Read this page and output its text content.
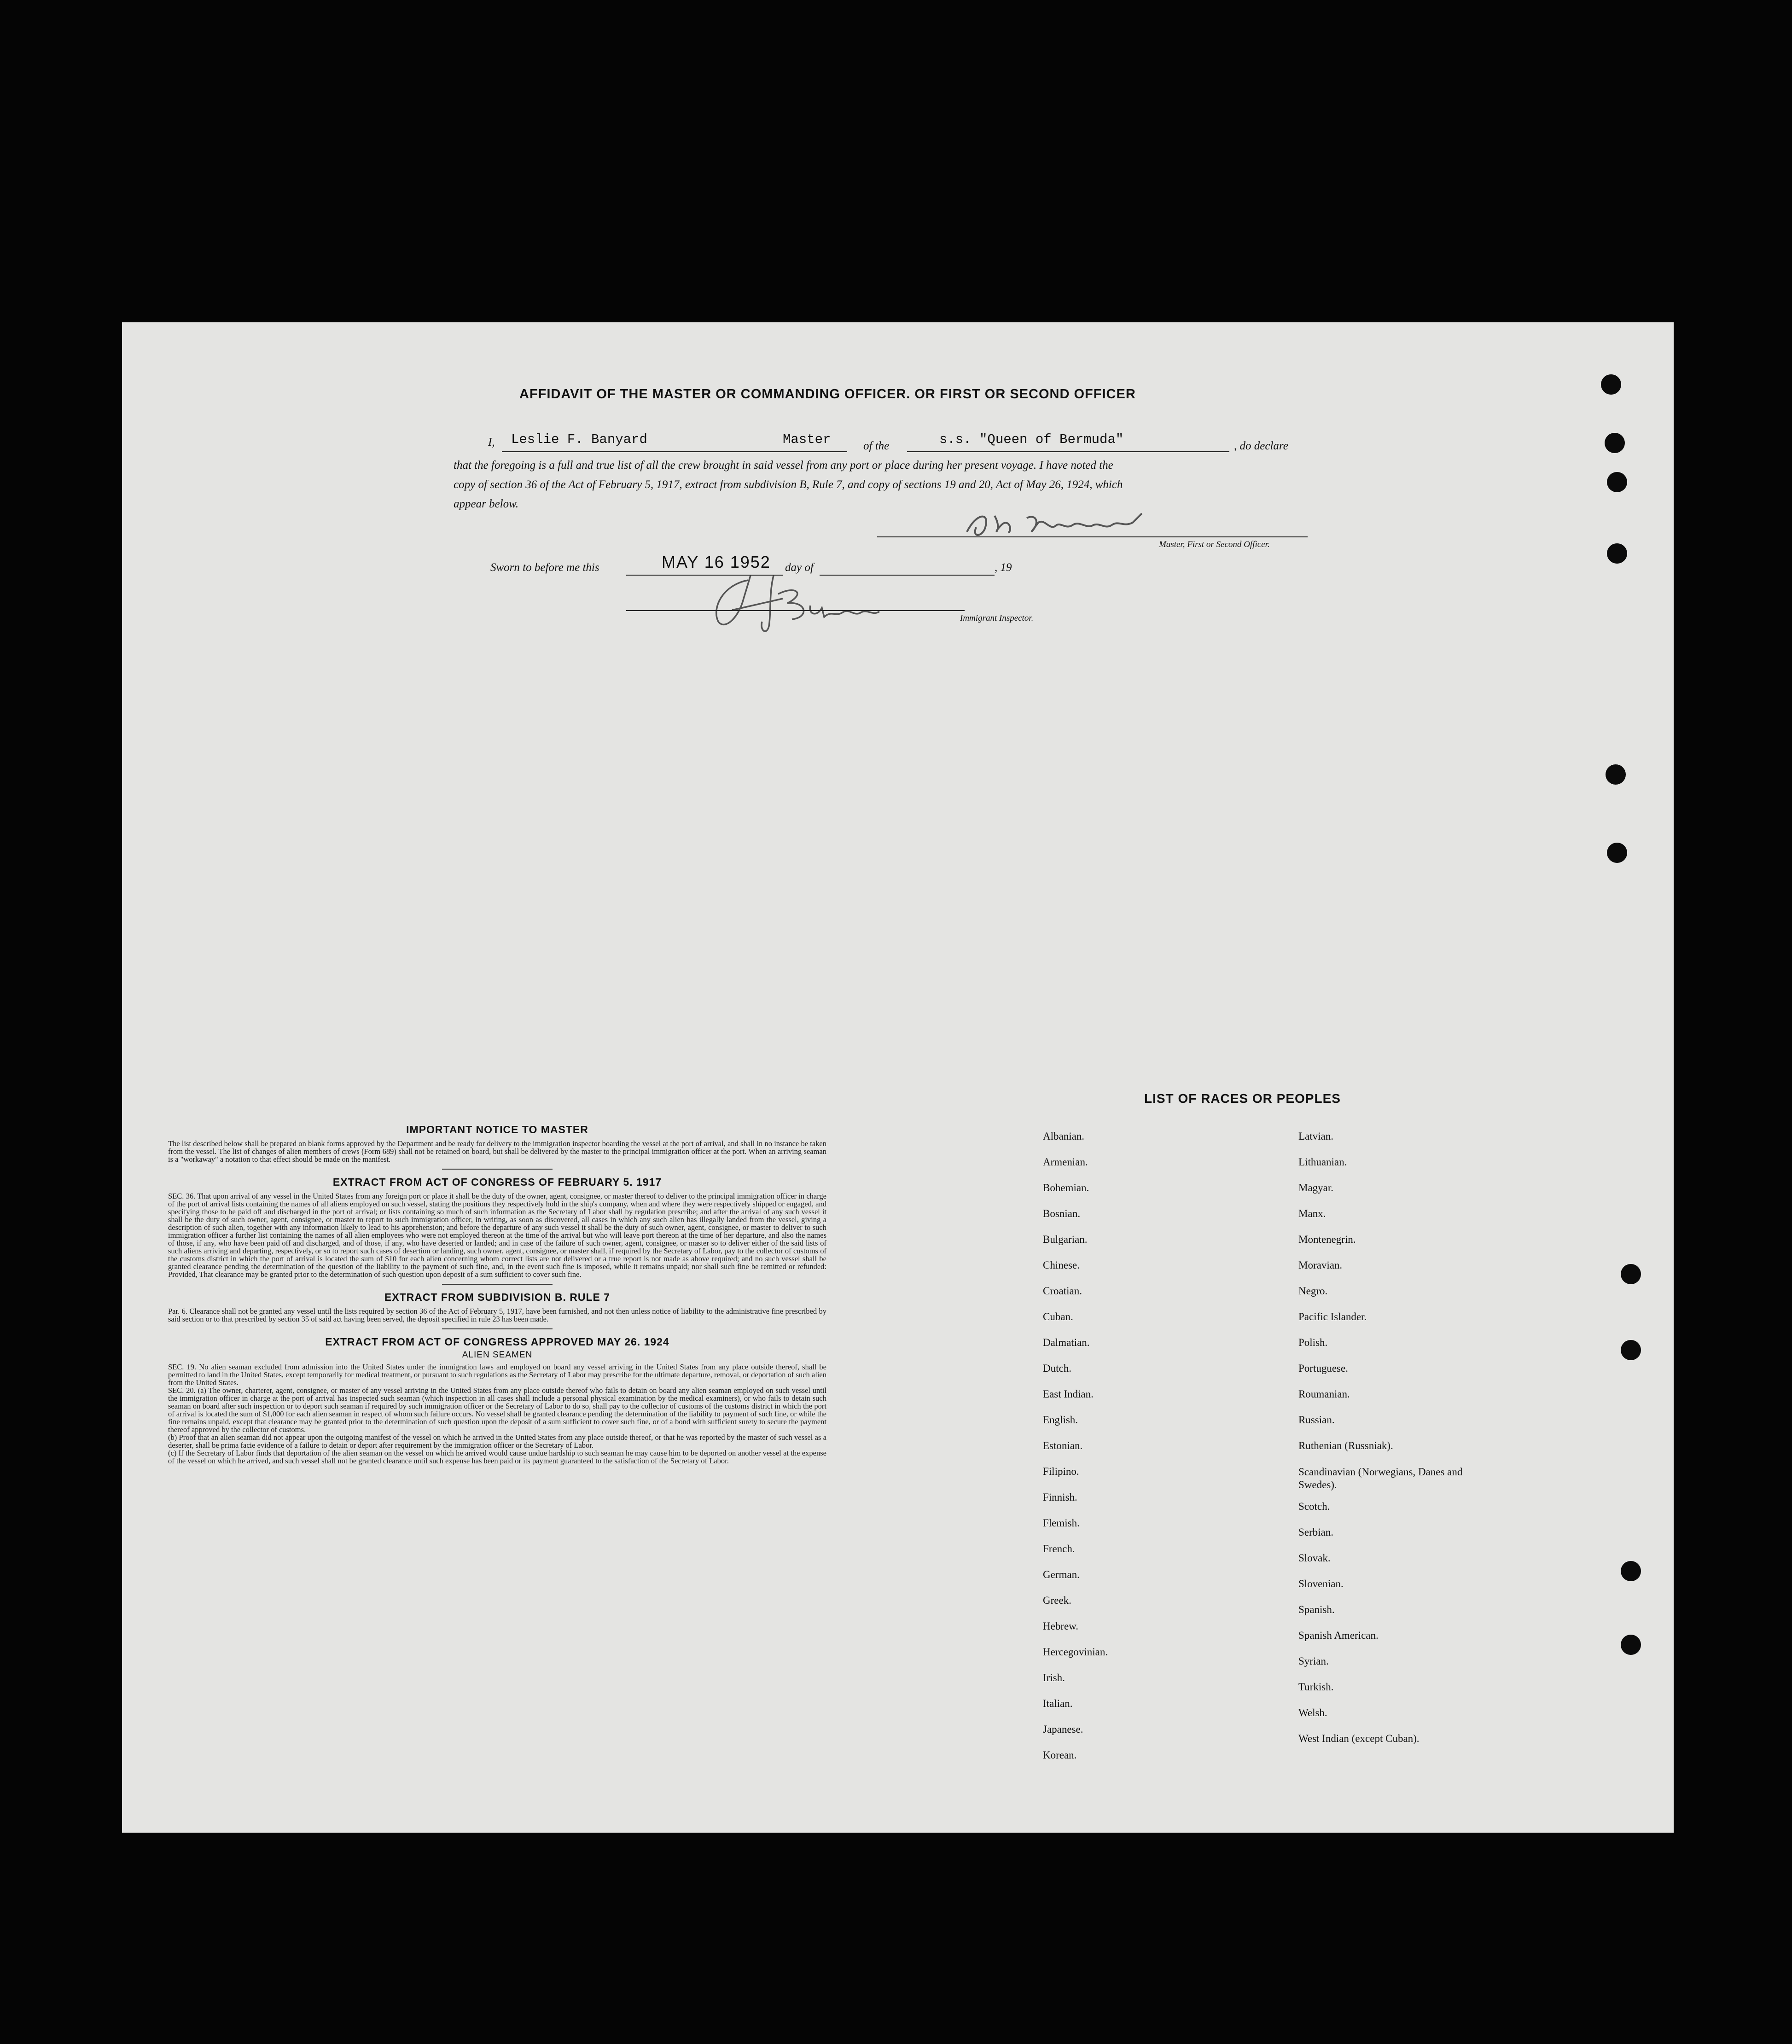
AFFIDAVIT OF THE MASTER OR COMMANDING OFFICER. OR FIRST OR SECOND OFFICER
I, Leslie F. Banyard	Master	of the	s.s. "Queen of Bermuda"	, do declare
that the foregoing is a full and true list of all the crew brought in said vessel from any port or place during her present voyage. I have noted the
copy of section 36 of the Act of February 5, 1917, extract from subdivision B, Rule 7, and copy of sections 19 and 20, Act of May 26, 1924, which
appear below.
Master, First or Second Officer.
Sworn to before me this	MAY 16 1952 day of	, 19
Immigrant Inspector.
IMPORTANT NOTICE TO MASTER
The list described below shall be prepared on blank forms approved by the Department and be ready for delivery to the immigration inspector boarding the vessel at the port of arrival, and shall in no instance be taken from the vessel. The list of changes of alien members of crews (Form 689) shall not be retained on board, but shall be delivered by the master to the principal immigration officer at the port. When an arriving seaman is a "workaway" a notation to that effect should be made on the manifest.
EXTRACT FROM ACT OF CONGRESS OF FEBRUARY 5. 1917
SEC. 36. That upon arrival of any vessel in the United States from any foreign port or place it shall be the duty of the owner, agent, consignee, or master thereof to deliver to the principal immigration officer in charge of the port of arrival lists containing the names of all aliens employed on such vessel, stating the positions they respectively hold in the ship's company, when and where they were respectively shipped or engaged, and specifying those to be paid off and discharged in the port of arrival; or lists containing so much of such information as the Secretary of Labor shall by regulation prescribe; and after the arrival of any such vessel it shall be the duty of such owner, agent, consignee, or master to report to such immigration officer, in writing, as soon as discovered, all cases in which any such alien has illegally landed from the vessel, giving a description of such alien, together with any information likely to lead to his apprehension; and before the departure of any such vessel it shall be the duty of such owner, agent, consignee, or master to deliver to such immigration officer a further list containing the names of all alien employees who were not employed thereon at the time of the arrival but who will leave port thereon at the time of her departure, and also the names of those, if any, who have been paid off and discharged, and of those, if any, who have deserted or landed; and in case of the failure of such owner, agent, consignee, or master so to deliver either of the said lists of such aliens arriving and departing, respectively, or so to report such cases of desertion or landing, such owner, agent, consignee, or master shall, if required by the Secretary of Labor, pay to the collector of customs of the customs district in which the port of arrival is located the sum of $10 for each alien concerning whom correct lists are not delivered or a true report is not made as above required; and no such vessel shall be granted clearance pending the determination of the question of the liability to the payment of such fine, and, in the event such fine is imposed, while it remains unpaid; nor shall such fine be remitted or refunded: Provided, That clearance may be granted prior to the determination of such question upon deposit of a sum sufficient to cover such fine.
EXTRACT FROM SUBDIVISION B. RULE 7
Par. 6. Clearance shall not be granted any vessel until the lists required by section 36 of the Act of February 5, 1917, have been furnished, and not then unless notice of liability to the administrative fine prescribed by said section or to that prescribed by section 35 of said act having been served, the deposit specified in rule 23 has been made.
EXTRACT FROM ACT OF CONGRESS APPROVED MAY 26. 1924
ALIEN SEAMEN
SEC. 19. No alien seaman excluded from admission into the United States under the immigration laws and employed on board any vessel arriving in the United States from any place outside thereof, shall be permitted to land in the United States, except temporarily for medical treatment, or pursuant to such regulations as the Secretary of Labor may prescribe for the ultimate departure, removal, or deportation of such alien from the United States.
SEC. 20. (a) The owner, charterer, agent, consignee, or master of any vessel arriving in the United States from any place outside thereof who fails to detain on board any alien seaman employed on such vessel until the immigration officer in charge at the port of arrival has inspected such seaman (which inspection in all cases shall include a personal physical examination by the medical examiners), or who fails to detain such seaman on board after such inspection or to deport such seaman if required by such immigration officer or the Secretary of Labor to do so, shall pay to the collector of customs of the customs district in which the port of arrival is located the sum of $1,000 for each alien seaman in respect of whom such failure occurs. No vessel shall be granted clearance pending the determination of the liability to payment of such fine, or while the fine remains unpaid, except that clearance may be granted prior to the determination of such question upon the deposit of a sum sufficient to cover such fine, or of a bond with sufficient surety to secure the payment thereof approved by the collector of customs.
(b) Proof that an alien seaman did not appear upon the outgoing manifest of the vessel on which he arrived in the United States from any place outside thereof, or that he was reported by the master of such vessel as a deserter, shall be prima facie evidence of a failure to detain or deport after requirement by the immigration officer or the Secretary of Labor.
(c) If the Secretary of Labor finds that deportation of the alien seaman on the vessel on which he arrived would cause undue hardship to such seaman he may cause him to be deported on another vessel at the expense of the vessel on which he arrived, and such vessel shall not be granted clearance until such expense has been paid or its payment guaranteed to the satisfaction of the Secretary of Labor.
LIST OF RACES OR PEOPLES
Albanian.
Armenian.
Bohemian.
Bosnian.
Bulgarian.
Chinese.
Croatian.
Cuban.
Dalmatian.
Dutch.
East Indian.
English.
Estonian.
Filipino.
Finnish.
Flemish.
French.
German.
Greek.
Hebrew.
Hercegovinian.
Irish.
Italian.
Japanese.
Korean.
Latvian.
Lithuanian.
Magyar.
Manx.
Montenegrin.
Moravian.
Negro.
Pacific Islander.
Polish.
Portuguese.
Roumanian.
Russian.
Ruthenian (Russniak).
Scandinavian (Norwegians, Danes and Swedes).
Scotch.
Serbian.
Slovak.
Slovenian.
Spanish.
Spanish American.
Syrian.
Turkish.
Welsh.
West Indian (except Cuban).
